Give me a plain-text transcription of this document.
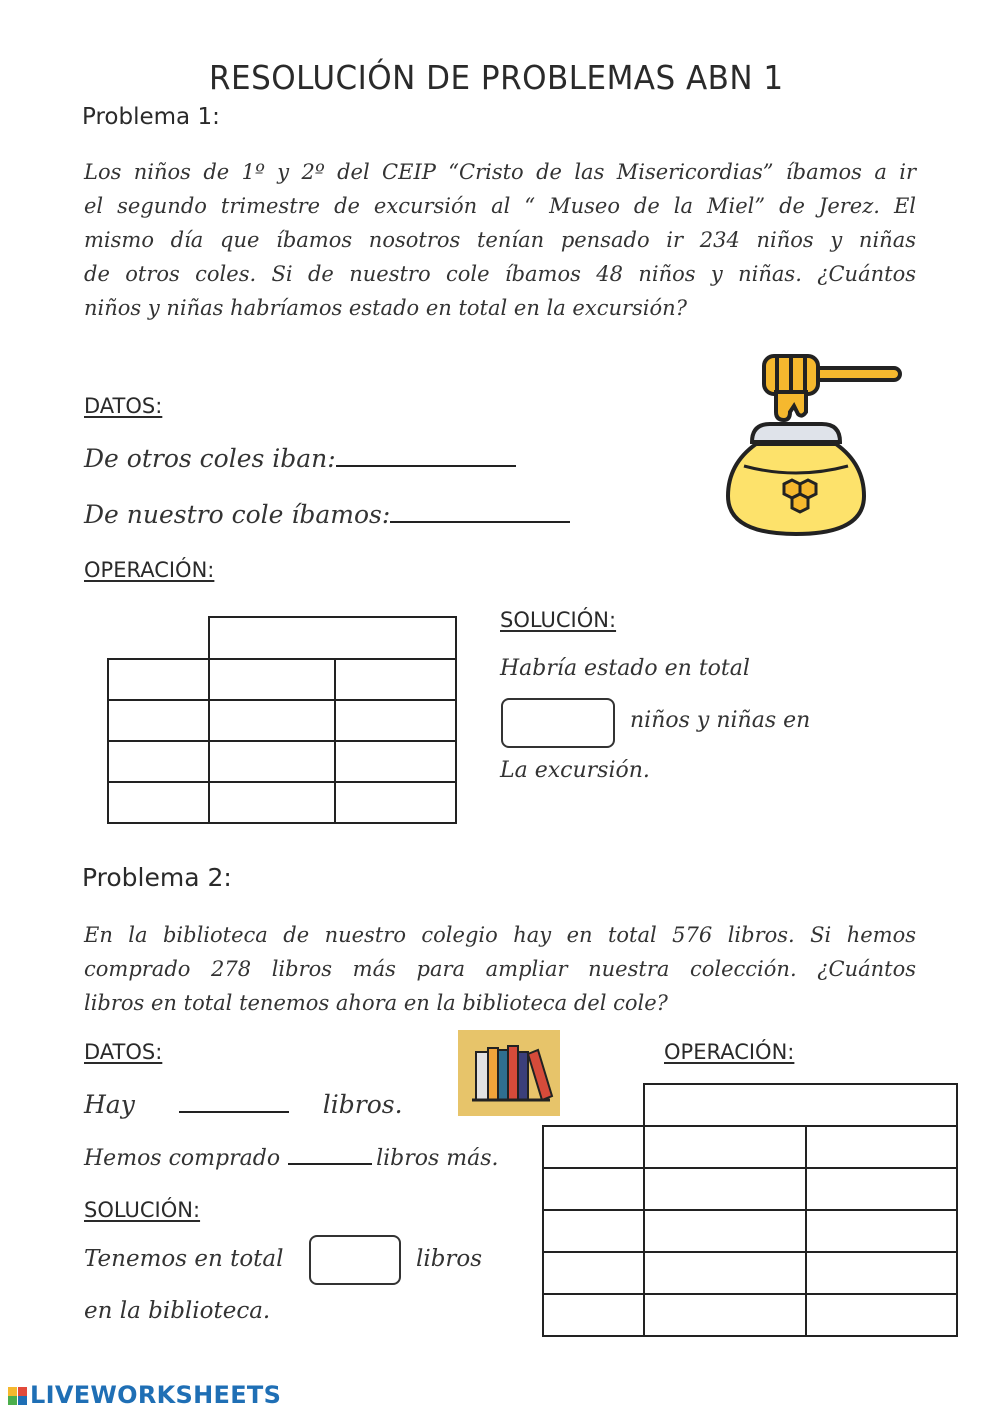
RESOLUCIÓN DE PROBLEMAS ABN 1
Problema 1:
Los niños de 1º y 2º del CEIP “Cristo de las Misericordias” íbamos a ir
el segundo trimestre de excursión al “ Museo de la Miel” de Jerez. El
mismo día que íbamos nosotros tenían pensado ir 234 niños y niñas
de otros coles. Si de nuestro cole íbamos 48 niños y niñas. ¿Cuántos
niños y niñas habríamos estado en total en la excursión?
DATOS:
De otros coles iban:
De nuestro cole íbamos:
OPERACIÓN:

SOLUCIÓN:
Habría estado en total
niños y niñas en
La excursión.
Problema 2:
En la biblioteca de nuestro colegio hay en total 576 libros. Si hemos
comprado 278 libros más para ampliar nuestra colección. ¿Cuántos
libros en total tenemos ahora en la biblioteca del cole?
DATOS:	OPERACIÓN:
Hay	libros.
Hemos comprado	libros más.
SOLUCIÓN:
Tenemos en total	libros
en la biblioteca.

LIVEWORKSHEETS
